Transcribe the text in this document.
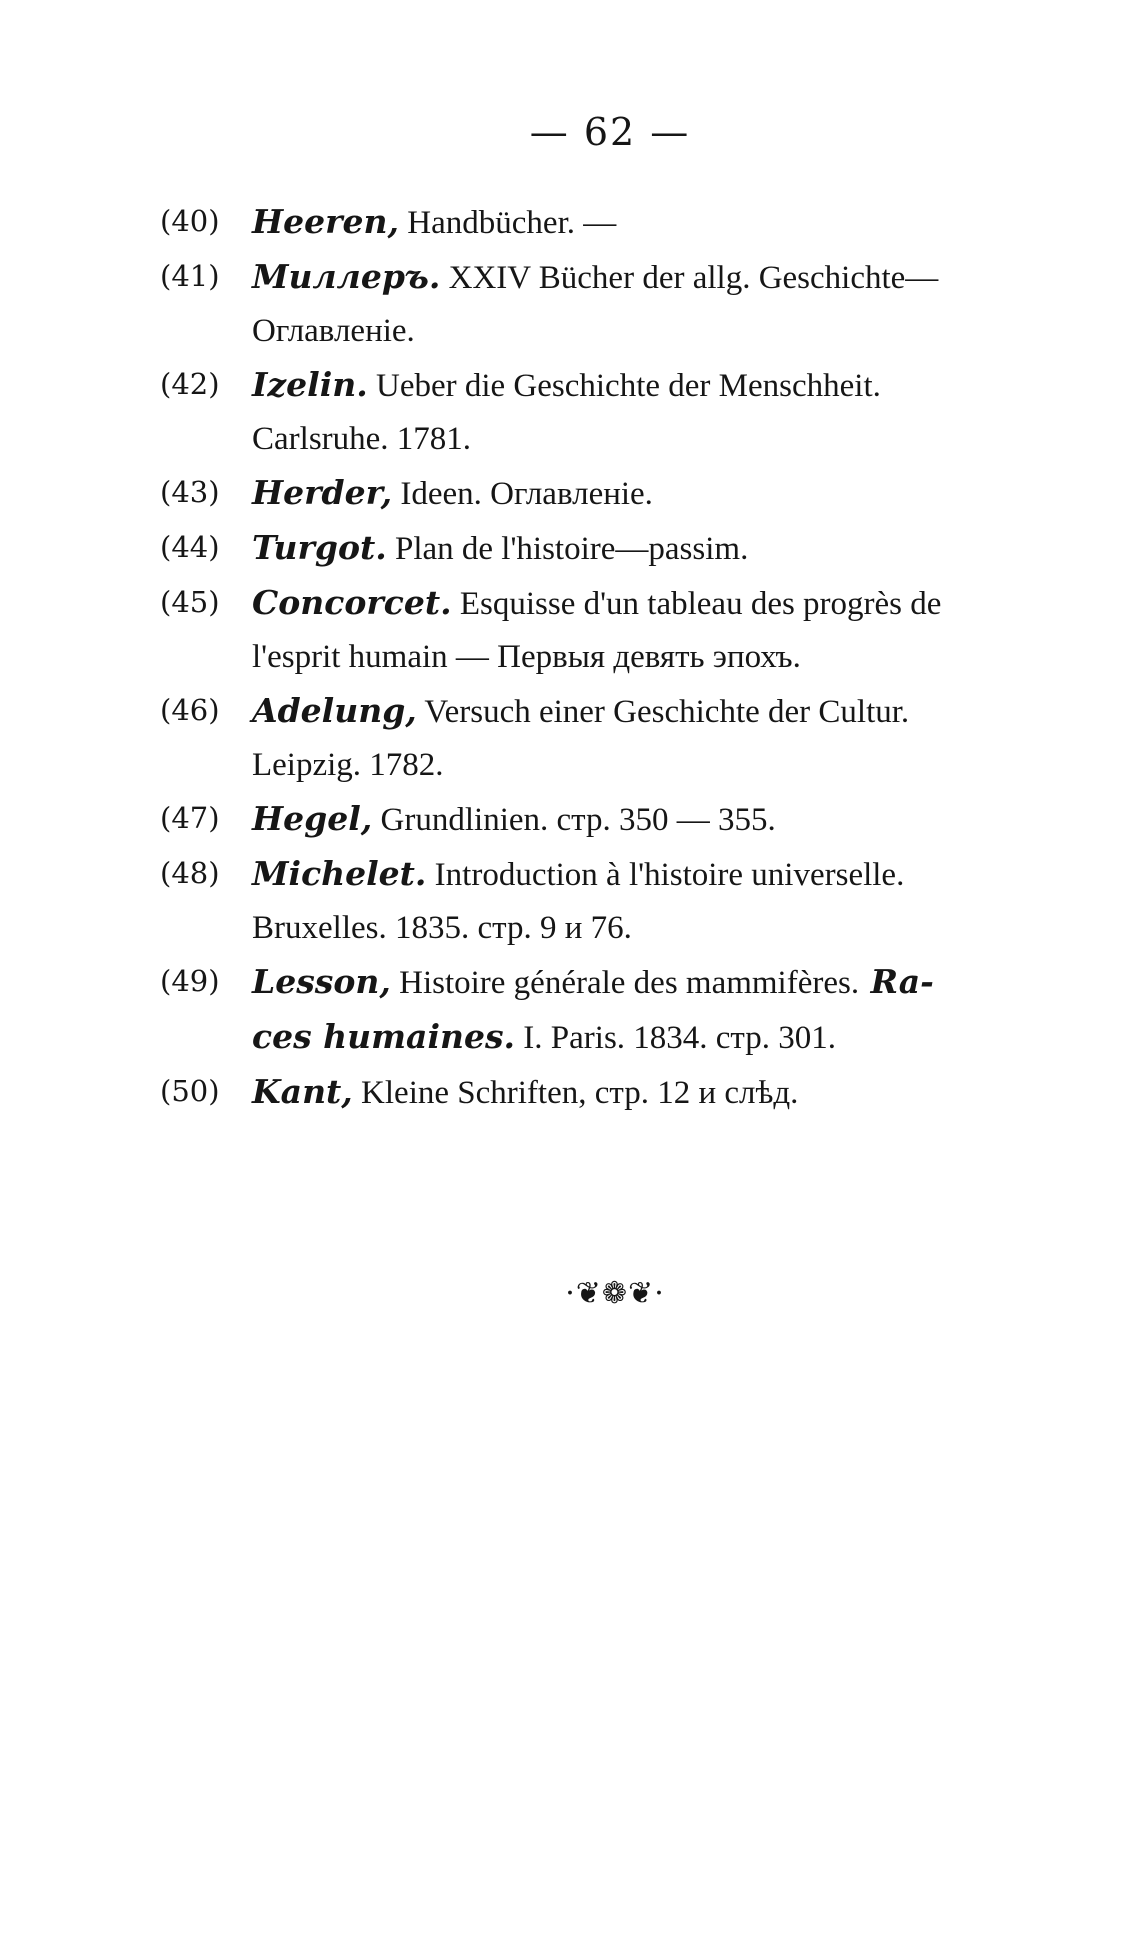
— 62 —

(40) Heeren, Handbücher. —

(41) Миллеръ. XXIV Bücher der allg. Geschichte—
Оглавленіе.

(42) Izelin. Ueber die Geschichte der Menschheit.
Carlsruhe. 1781.

(43) Herder, Ideen. Оглавленіе.

(44) Turgot. Plan de l'histoire—passim.

(45) Concorcet. Esquisse d'un tableau des progrès de
l'esprit humain — Первыя девять эпохъ.

(46) Adelung, Versuch einer Geschichte der Cultur.
Leipzig. 1782.

(47) Hegel, Grundlinien. стр. 350 — 355.

(48) Michelet. Introduction à l'histoire universelle.
Bruxelles. 1835. стр. 9 и 76.

(49) Lesson, Histoire générale des mammifères. Ra-
ces humaines. I. Paris. 1834. стр. 301.

(50) Kant, Kleine Schriften, стр. 12 и слѣд.

·❦❁❦·
